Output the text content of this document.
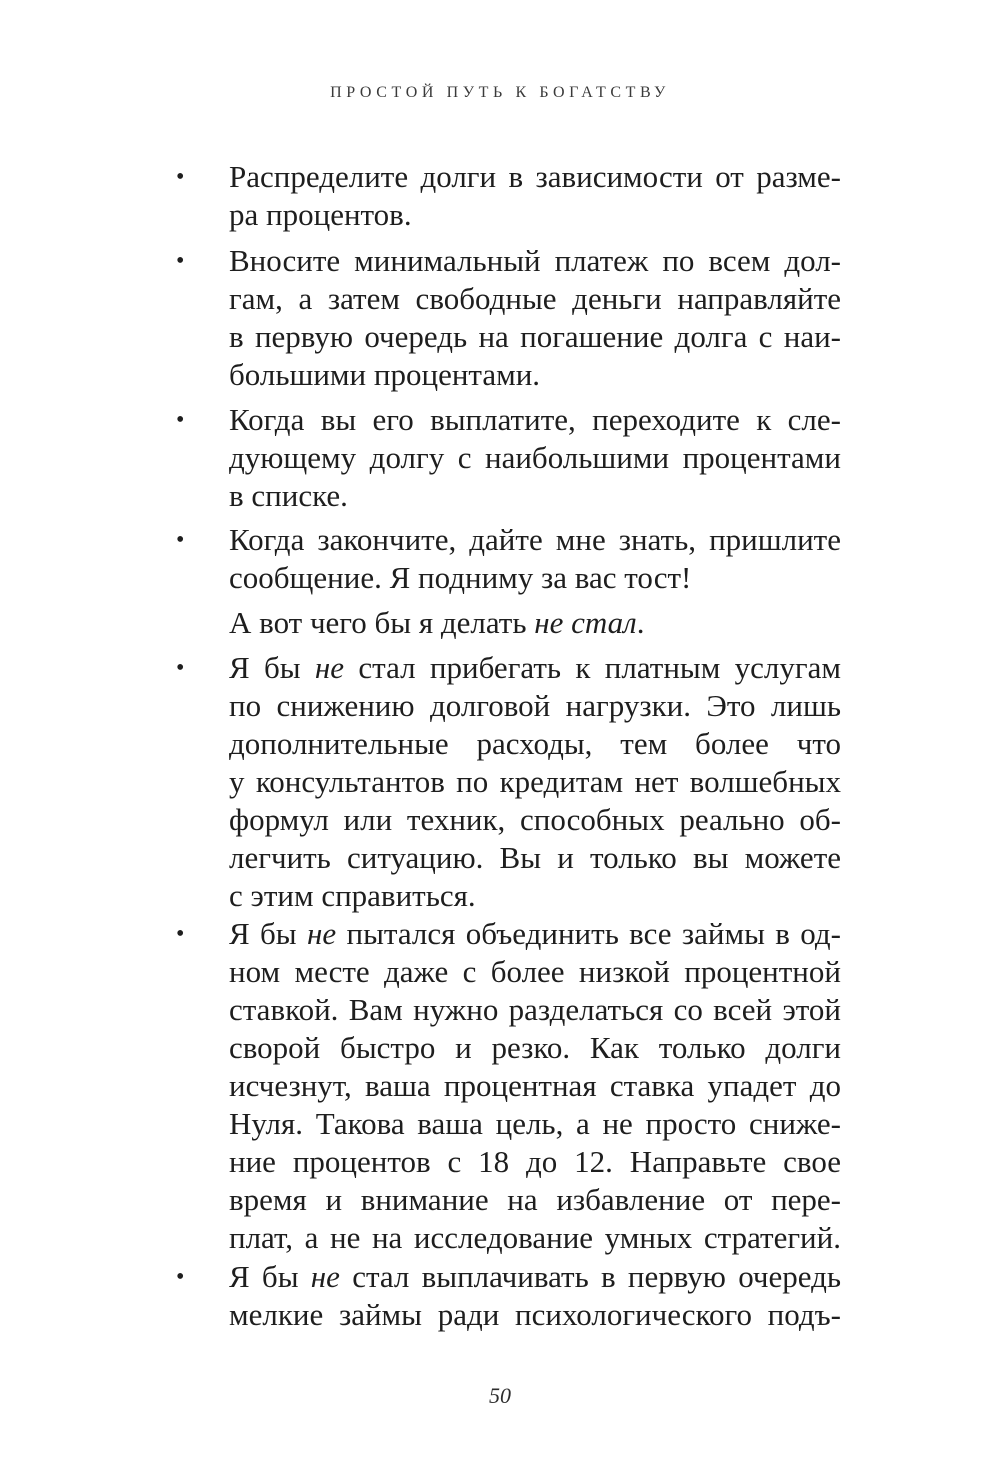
ПРОСТОЙ ПУТЬ К БОГАТСТВУ
• Распределите долги в зависимости от разме-
ра процентов.
• Вносите минимальный платеж по всем дол-
гам, а затем свободные деньги направляйте
в первую очередь на погашение долга с наи-
большими процентами.
• Когда вы его выплатите, переходите к сле-
дующему долгу с наибольшими процентами
в списке.
• Когда закончите, дайте мне знать, пришлите
сообщение. Я подниму за вас тост!
А вот чего бы я делать не стал.
• Я бы не стал прибегать к платным услугам
по снижению долговой нагрузки. Это лишь
дополнительные расходы, тем более что
у консультантов по кредитам нет волшебных
формул или техник, способных реально об-
легчить ситуацию. Вы и только вы можете
с этим справиться.
• Я бы не пытался объединить все займы в од-
ном месте даже с более низкой процентной
ставкой. Вам нужно разделаться со всей этой
сворой быстро и резко. Как только долги
исчезнут, ваша процентная ставка упадет до
Нуля. Такова ваша цель, а не просто сниже-
ние процентов с 18 до 12. Направьте свое
время и внимание на избавление от пере-
плат, а не на исследование умных стратегий.
• Я бы не стал выплачивать в первую очередь
мелкие займы ради психологического подъ-
50
